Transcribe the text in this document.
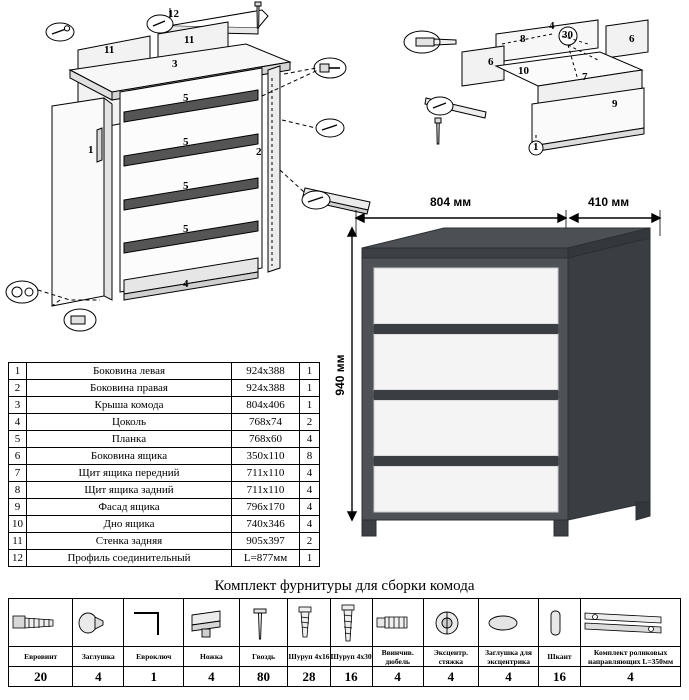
12
11
11
3
1	2
5
5
5
5
4
8
4
30	6
6
10	7
9
1
1	Боковина левая	924х388	1
2	Боковина правая	924х388	1
3	Крыша комода	804х406	1
4	Цоколь	768х74	2
5	Планка	768х60	4
6	Боковина ящика	350х110	8
7	Щит ящика передний	711х110	4
8	Щит ящика задний	711х110	4
9	Фасад ящика	796х170	4
10	Дно ящика	740х346	4
11	Стенка задняя	905х397	2
12	Профиль соединительный	L=877мм	1
804 мм	410 мм
940 мм
Комплект фурнитуры для сборки комода

Евровинт	Заглушка	Евроключ	Ножка	Гвоздь	Шуруп 4х16	Шуруп 4х30	Ввинчив. дюбель	Эксцентр. стяжка	Заглушка для эксцентрика	Шкант	Комплект роликовых направляющих L=350мм
20	4	1	4	80	28	16	4	4	4	16	4
